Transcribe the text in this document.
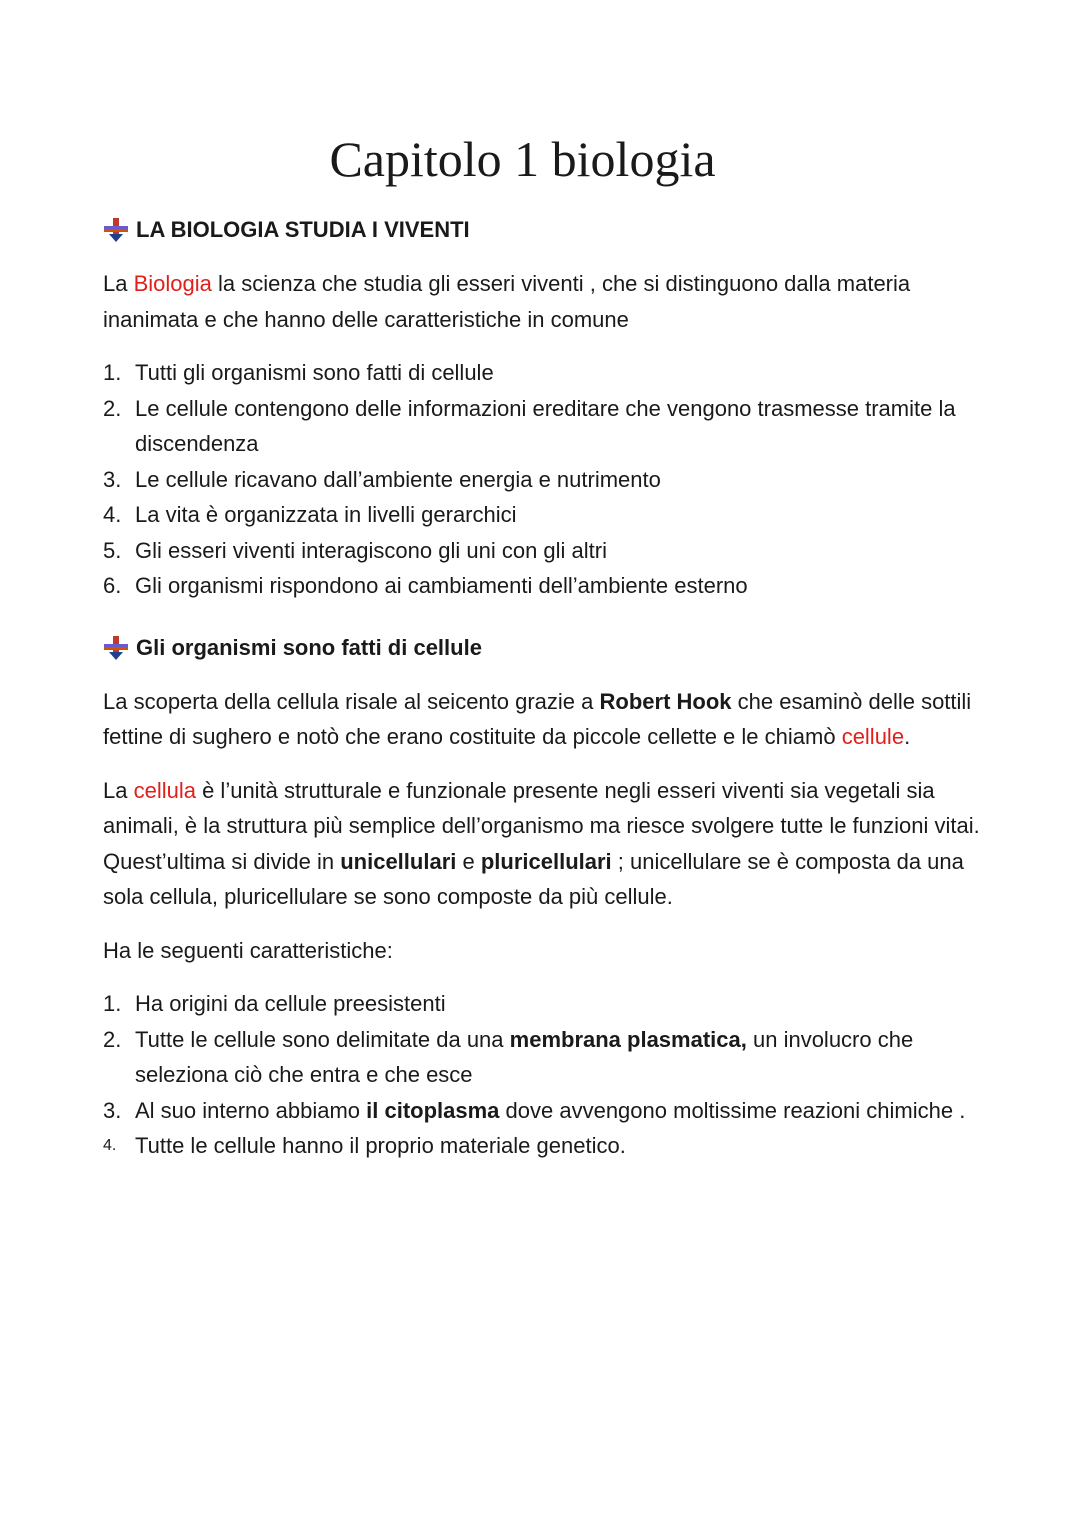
Capitolo 1 biologia
LA BIOLOGIA STUDIA I VIVENTI

La Biologia la scienza che studia gli esseri viventi , che si distinguono dalla materia inanimata e che hanno delle caratteristiche in comune

1. Tutti gli organismi sono fatti di cellule
2. Le cellule contengono delle informazioni ereditare che vengono trasmesse tramite la discendenza
3. Le cellule ricavano dall’ambiente energia e nutrimento
4. La vita è organizzata in livelli gerarchici
5. Gli esseri viventi interagiscono gli uni con gli altri
6. Gli organismi rispondono ai cambiamenti dell’ambiente esterno
Gli organismi sono fatti di cellule

La scoperta della cellula risale al seicento grazie a Robert Hook che esaminò delle sottili fettine di sughero e notò che erano costituite da piccole cellette e le chiamò cellule.

La cellula è l’unità strutturale e funzionale presente negli esseri viventi sia vegetali sia animali, è la struttura più semplice dell’organismo ma riesce svolgere tutte le funzioni vitai. Quest’ultima si divide in unicellulari e pluricellulari ; unicellulare se è composta da una sola cellula, pluricellulare se sono composte da più cellule.

Ha le seguenti caratteristiche:

1. Ha origini da cellule preesistenti
2. Tutte le cellule sono delimitate da una membrana plasmatica, un involucro che seleziona ciò che entra e che esce
3. Al suo interno abbiamo il citoplasma dove avvengono moltissime reazioni chimiche .
4. Tutte le cellule hanno il proprio materiale genetico.
